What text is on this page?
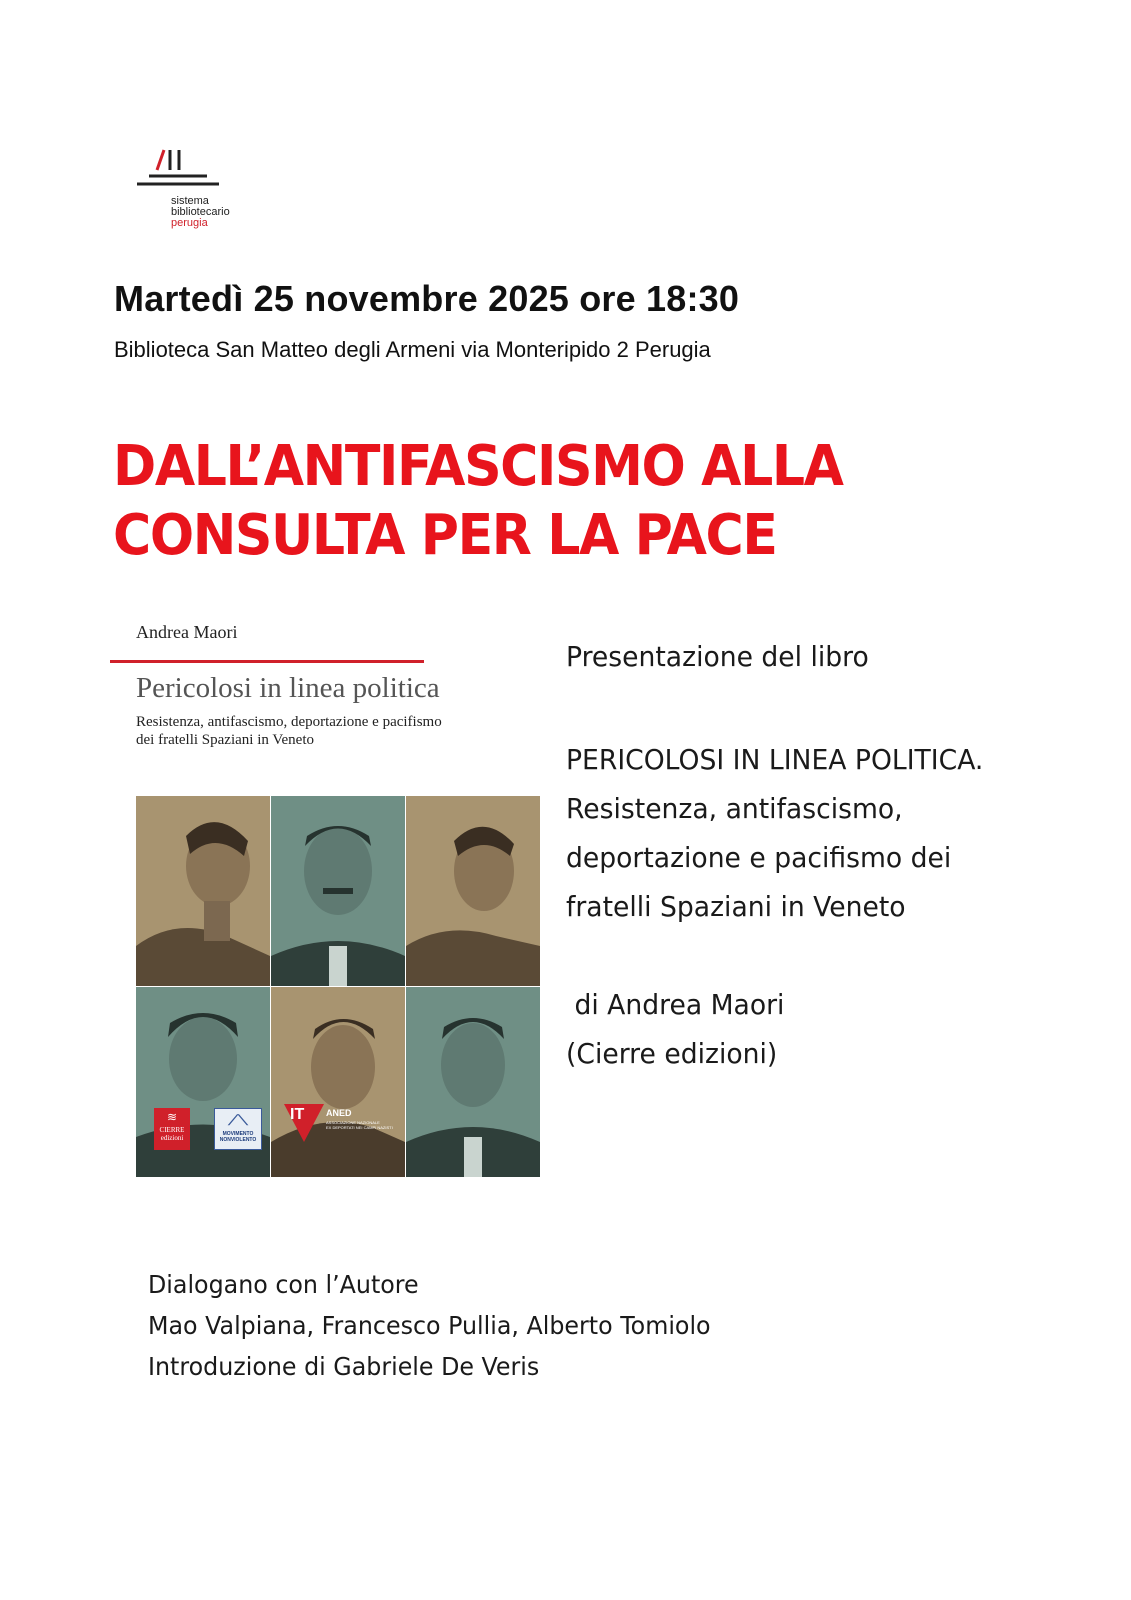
sistema
bibliotecario
perugia
Martedì 25 novembre 2025 ore 18:30
Biblioteca San Matteo degli Armeni via Monteripido 2 Perugia
DALL’ANTIFASCISMO ALLA
CONSULTA PER LA PACE
Andrea Maori
Pericolosi in linea politica
Resistenza, antifascismo, deportazione e pacifismo
dei fratelli Spaziani in Veneto
≋
CIERRE
edizioni
⟋⟍
MOVIMENTO
NONVIOLENTO
IT ANED
ASSOCIAZIONE NAZIONALE
EX DEPORTATI NEI CAMPI NAZISTI
Presentazione del libro
PERICOLOSI IN LINEA POLITICA.
Resistenza, antifascismo,
deportazione e pacifismo dei
fratelli Spaziani in Veneto
di Andrea Maori
(Cierre edizioni)
Dialogano con l’Autore
Mao Valpiana, Francesco Pullia, Alberto Tomiolo
Introduzione di Gabriele De Veris
